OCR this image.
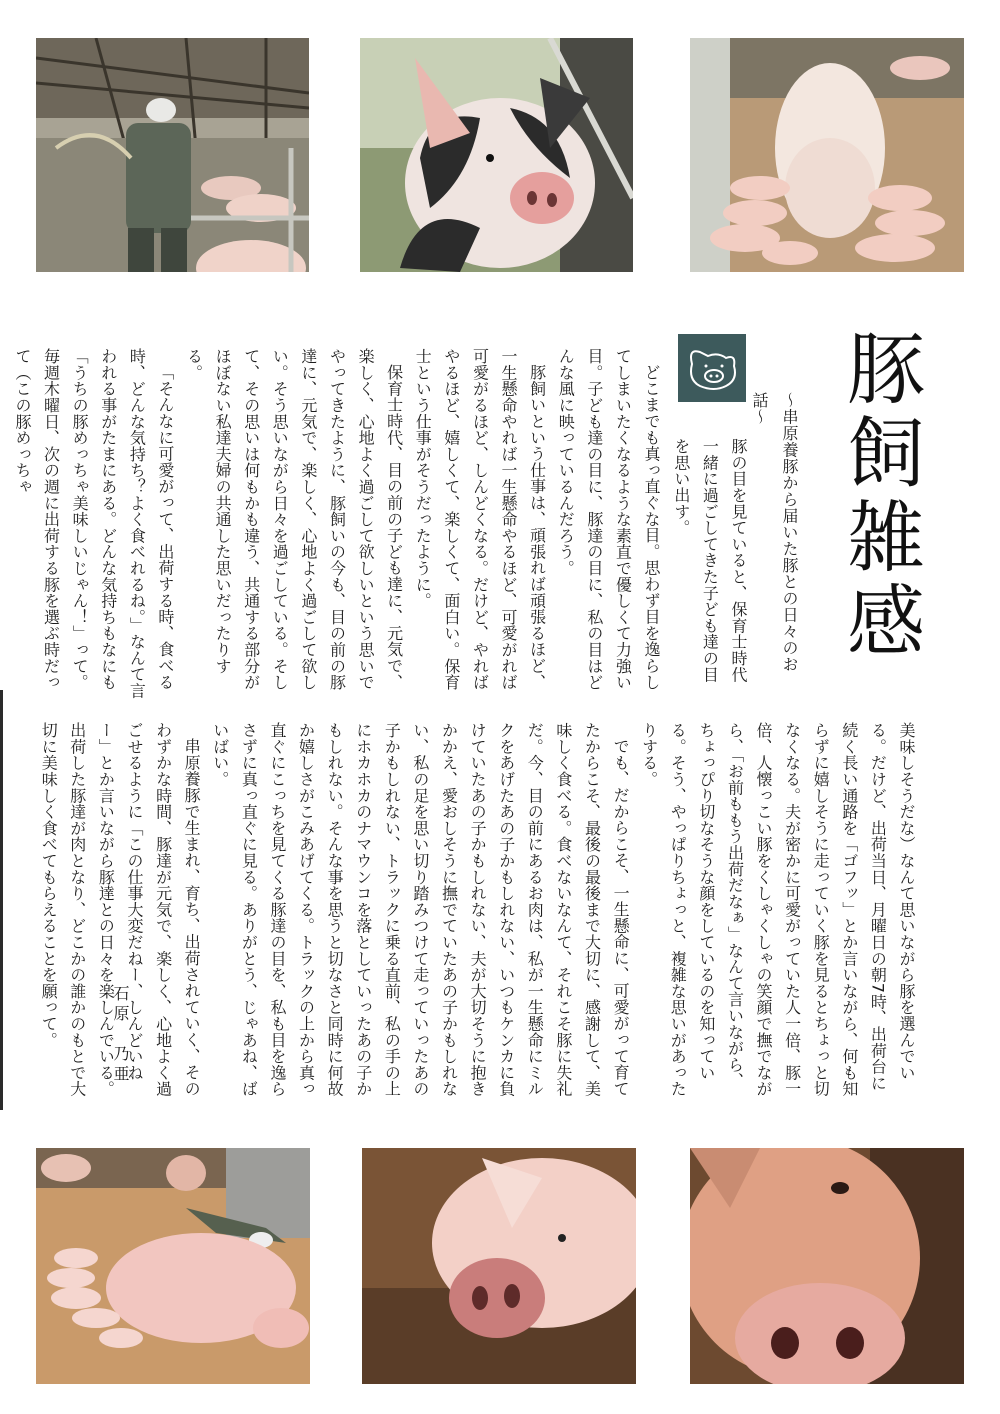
豚飼雑感
〜串原養豚から届いた豚との日々のお話〜

豚の目を見ていると、保育士時代一緒に過ごしてきた子ども達の目を思い出す。

どこまでも真っ直ぐな目。思わず目を逸らしてしまいたくなるような素直で優しくて力強い目。子ども達の目に、豚達の目に、私の目はどんな風に映っているんだろう。

豚飼いという仕事は、頑張れば頑張るほど、一生懸命やれば一生懸命やるほど、可愛がれば可愛がるほど、しんどくなる。だけど、やればやるほど、嬉しくて、楽しくて、面白い。保育士という仕事がそうだったように。

保育士時代、目の前の子ども達に、元気で、楽しく、心地よく過ごして欲しいという思いでやってきたように、豚飼いの今も、目の前の豚達に、元気で、楽しく、心地よく過ごして欲しい。そう思いながら日々を過ごしている。そして、その思いは何もかも違う、共通する部分がほぼない私達夫婦の共通した思いだったりする。

「そんなに可愛がって、出荷する時、食べる時、どんな気持ち？よく食べれるね。」なんて言われる事がたまにある。どんな気持ちもなにも「うちの豚めっちゃ美味しいじゃん！」って。毎週木曜日、次の週に出荷する豚を選ぶ時だって（この豚めっちゃ

美味しそうだな）なんて思いながら豚を選んでいる。だけど、出荷当日、月曜日の朝7時、出荷台に続く長い通路を「ゴフッ」とか言いながら、何も知らずに嬉しそうに走っていく豚を見るとちょっと切なくなる。夫が密かに可愛がっていた人一倍、豚一倍、人懐っこい豚をくしゃくしゃの笑顔で撫でながら、「お前ももう出荷だなぁ」なんて言いながら、ちょっぴり切なそうな顔をしているのを知っている。そう、やっぱりちょっと、複雑な思いがあったりする。

でも、だからこそ、一生懸命に、可愛がって育てたからこそ、最後の最後まで大切に、感謝して、美味しく食べる。食べないなんて、それこそ豚に失礼だ。今、目の前にあるお肉は、私が一生懸命にミルクをあげたあの子かもしれない、いつもケンカに負けていたあの子かもしれない、夫が大切そうに抱きかかえ、愛おしそうに撫でていたあの子かもしれない、私の足を思い切り踏みつけて走っていったあの子かもしれない、トラックに乗る直前、私の手の上にホカホカのナマウンコを落としていったあの子かもしれない。そんな事を思うと切なさと同時に何故か嬉しさがこみあげてくる。トラックの上から真っ直ぐにこっちを見てくる豚達の目を、私も目を逸らさずに真っ直ぐに見る。ありがとう、じゃあね、ばいばい。

串原養豚で生まれ、育ち、出荷されていく、そのわずかな時間、豚達が元気で、楽しく、心地よく過ごせるように「この仕事大変だねー、しんどいねー」とか言いながら豚達との日々を楽しんでいる。出荷した豚達が肉となり、どこかの誰かのもとで大切に美味しく食べてもらえることを願って。	石原　乃亜
